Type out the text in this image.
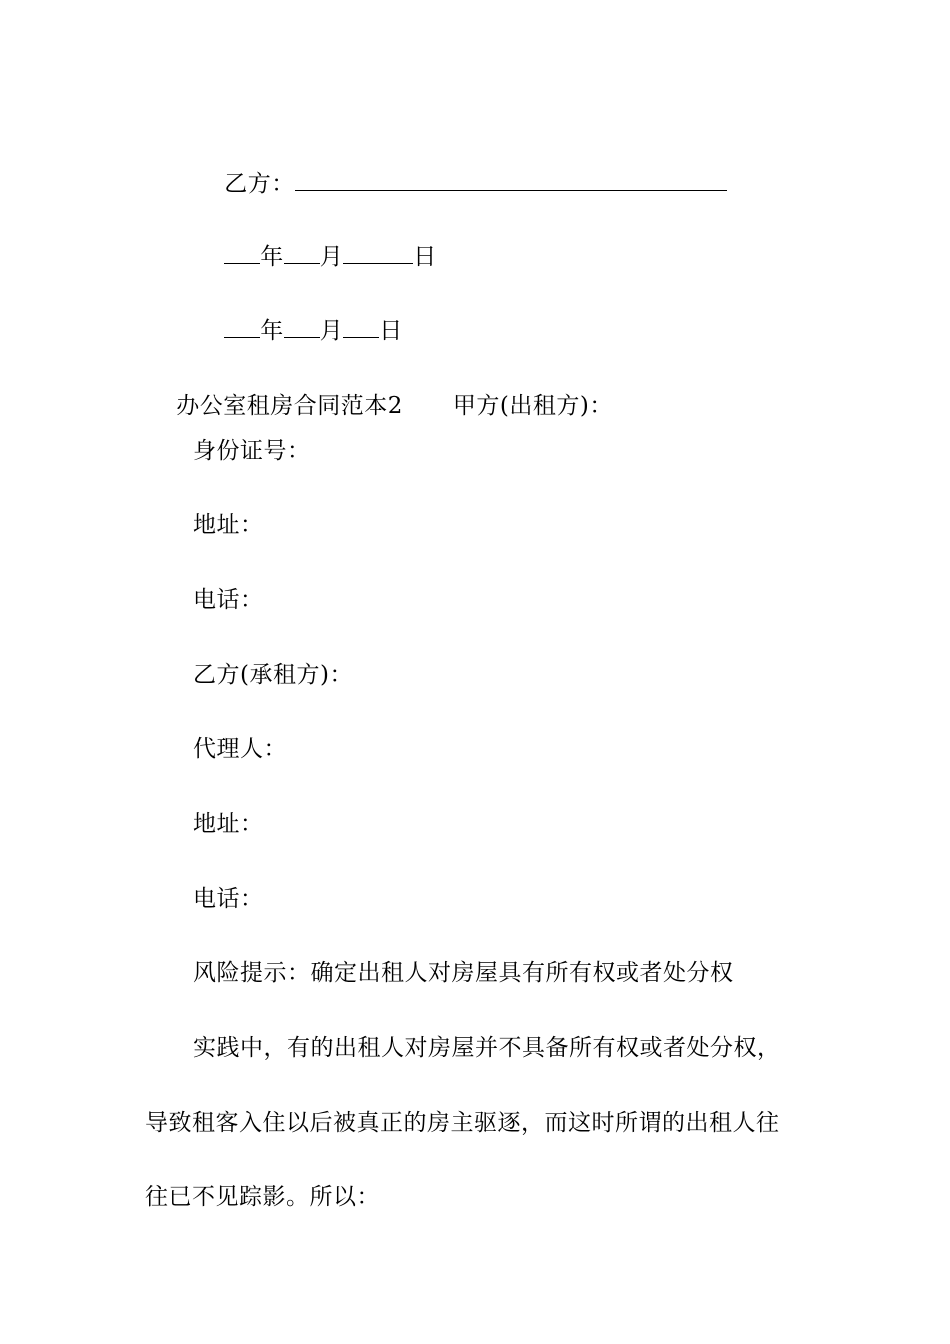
乙方：

年 月	日

年 月 日

办公室租房合同范本2 甲方(出租方)：

身份证号：
地址：
电话：
乙方(承租方)：
代理人：
地址：
电话：
风险提示：确定出租人对房屋具有所有权或者处分权
实践中，有的出租人对房屋并不具备所有权或者处分权，
导致租客入住以后被真正的房主驱逐，而这时所谓的出租人往
往已不见踪影。所以：
